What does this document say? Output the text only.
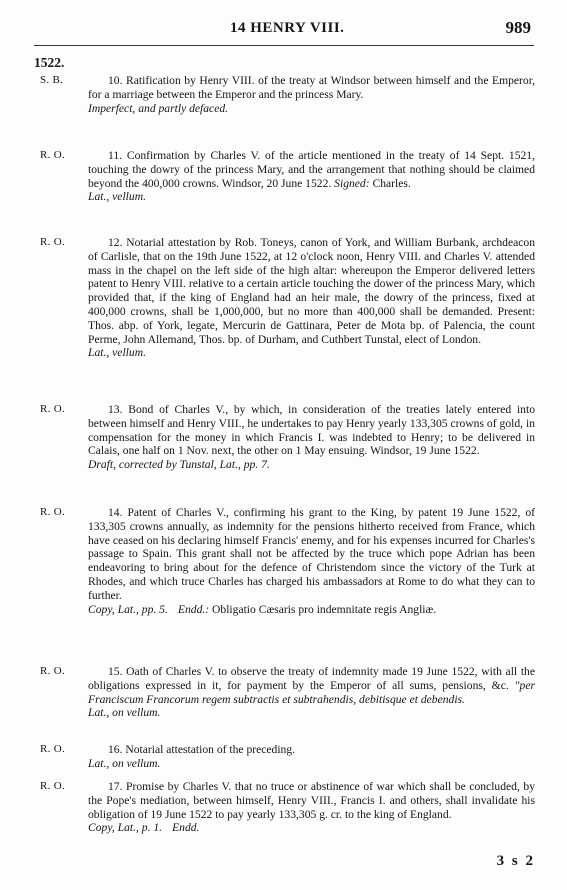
14 HENRY VIII.	989
1522.
S. B.	10. Ratification by Henry VIII. of the treaty at Windsor between himself and the Emperor, for a marriage between the Emperor and the princess Mary.

Imperfect, and partly defaced.

R. O.	11. Confirmation by Charles V. of the article mentioned in the treaty of 14 Sept. 1521, touching the dowry of the princess Mary, and the arrangement that nothing should be claimed beyond the 400,000 crowns. Windsor, 20 June 1522. Signed: Charles.

Lat., vellum.

R. O.	12. Notarial attestation by Rob. Toneys, canon of York, and William Burbank, archdeacon of Carlisle, that on the 19th June 1522, at 12 o'clock noon, Henry VIII. and Charles V. attended mass in the chapel on the left side of the high altar: whereupon the Emperor delivered letters patent to Henry VIII. relative to a certain article touching the dower of the princess Mary, which provided that, if the king of England had an heir male, the dowry of the princess, fixed at 400,000 crowns, shall be 1,000,000, but no more than 400,000 shall be demanded. Present: Thos. abp. of York, legate, Mercurin de Gattinara, Peter de Mota bp. of Palencia, the count Perme, John Allemand, Thos. bp. of Durham, and Cuthbert Tunstal, elect of London.

Lat., vellum.

R. O.	13. Bond of Charles V., by which, in consideration of the treaties lately entered into between himself and Henry VIII., he undertakes to pay Henry yearly 133,305 crowns of gold, in compensation for the money in which Francis I. was indebted to Henry; to be delivered in Calais, one half on 1 Nov. next, the other on 1 May ensuing. Windsor, 19 June 1522.

Draft, corrected by Tunstal, Lat., pp. 7.

R. O.	14. Patent of Charles V., confirming his grant to the King, by patent 19 June 1522, of 133,305 crowns annually, as indemnity for the pensions hitherto received from France, which have ceased on his declaring himself Francis' enemy, and for his expenses incurred for Charles's passage to Spain. This grant shall not be affected by the truce which pope Adrian has been endeavoring to bring about for the defence of Christendom since the victory of the Turk at Rhodes, and which truce Charles has charged his ambassadors at Rome to do what they can to further.

Copy, Lat., pp. 5. Endd.: Obligatio Cæsaris pro indemnitate regis Angliæ.

R. O.	15. Oath of Charles V. to observe the treaty of indemnity made 19 June 1522, with all the obligations expressed in it, for payment by the Emperor of all sums, pensions, &c. "per Franciscum Francorum regem subtractis et subtrahendis, debitisque et debendis.

Lat., on vellum.

R. O.	16. Notarial attestation of the preceding.

Lat., on vellum.

R. O.	17. Promise by Charles V. that no truce or abstinence of war which shall be concluded, by the Pope's mediation, between himself, Henry VIII., Francis I. and others, shall invalidate his obligation of 19 June 1522 to pay yearly 133,305 g. cr. to the king of England.

Copy, Lat., p. 1. Endd.

3 s 2
